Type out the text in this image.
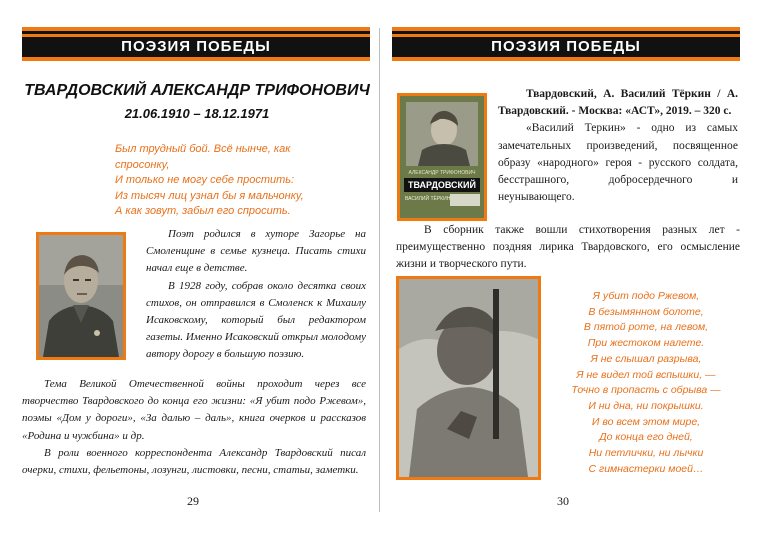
ПОЭЗИЯ ПОБЕДЫ
ТВАРДОВСКИЙ АЛЕКСАНДР ТРИФОНОВИЧ
21.06.1910 – 18.12.1971
Был трудный бой. Всё нынче, как
спросонку,
И только не могу себе простить:
Из тысяч лиц узнал бы я мальчонку,
А как зовут, забыл его спросить.

Поэт родился в хуторе Загорье на Смоленщине в семье кузнеца. Писать стихи начал еще в детстве.

В 1928 году, собрав около десятка своих стихов, он отправился в Смоленск к Михаилу Исаковскому, который был редактором газеты. Именно Исаковский открыл молодому автору дорогу в большую поэзию.

Тема Великой Отечественной войны проходит через все творчество Твардовского до конца его жизни: «Я убит подо Ржевом», поэмы «Дом у дороги», «За далью – даль», книга очерков и рассказов «Родина и чужбина» и др.

В роли военного корреспондента Александр Твардовский писал очерки, стихи, фельетоны, лозунги, листовки, песни, статьи, заметки.

29
ПОЭЗИЯ ПОБЕДЫ
АЛЕКСАНДР ТРИФОНОВИЧ
ТВАРДОВСКИЙ
ВАСИЛИЙ ТЁРКИН

Твардовский, А. Василий Тёркин / А. Твардовский. - Москва: «АСТ», 2019. – 320 с.

«Василий Теркин» - одно из самых замечательных произведений, посвященное образу «народного» героя - русского солдата, бесстрашного, добросердечного и неунывающего.

В сборник также вошли стихотворения разных лет - преимущественно поздняя лирика Твардовского, его осмысление жизни и творческого пути.

Я убит подо Ржевом,
В безымянном болоте,
В пятой роте, на левом,
При жестоком налете.
Я не слышал разрыва,
Я не видел той вспышки, —
Точно в пропасть с обрыва —
И ни дна, ни покрышки.
И во всем этом мире,
До конца его дней,
Ни петлички, ни лычки
С гимнастерки моей…
30
